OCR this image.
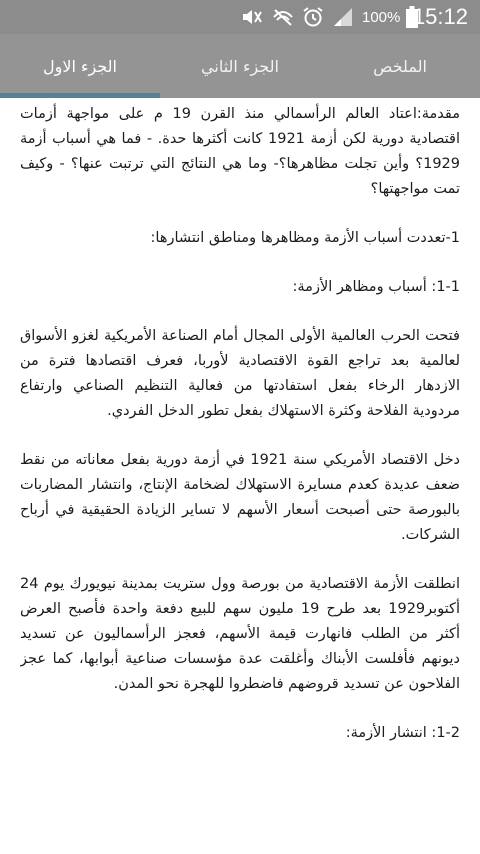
100% 15:12
الملخص
الجزء الثاني
الجزء الاول

مقدمة:اعتاد العالم الرأسمالي منذ القرن 19 م على مواجهة أزمات اقتصادية دورية لكن أزمة 1921 كانت أكثرها حدة. - فما هي أسباب أزمة 1929؟ وأين تجلت مظاهرها؟- وما هي النتائج التي ترتبت عنها؟ - وكيف تمت مواجهتها؟

1-تعددت أسباب الأزمة ومظاهرها ومناطق انتشارها:

1-1: أسباب ومظاهر الأزمة:

فتحت الحرب العالمية الأولى المجال أمام الصناعة الأمريكية لغزو الأسواق لعالمية بعد تراجع القوة الاقتصادية لأوربا، فعرف اقتصادها فترة من الازدهار الرخاء بفعل استفادتها من فعالية التنظيم الصناعي وارتفاع مردودية الفلاحة وكثرة الاستهلاك بفعل تطور الدخل الفردي.

دخل الاقتصاد الأمريكي سنة 1921 في أزمة دورية بفعل معاناته من نقط ضعف عديدة كعدم مسايرة الاستهلاك لضخامة الإنتاج، وانتشار المضاربات بالبورصة حتى أصبحت أسعار الأسهم لا تساير الزيادة الحقيقية في أرباح الشركات.

انطلقت الأزمة الاقتصادية من بورصة وول ستريت بمدينة نيويورك يوم 24 أكتوبر1929 بعد طرح 19 مليون سهم للبيع دفعة واحدة فأصبح العرض أكثر من الطلب فانهارت قيمة الأسهم، فعجز الرأسماليون عن تسديد ديونهم فأفلست الأبناك وأغلقت عدة مؤسسات صناعية أبوابها، كما عجز الفلاحون عن تسديد قروضهم فاضطروا للهجرة نحو المدن.

1-2: انتشار الأزمة:
